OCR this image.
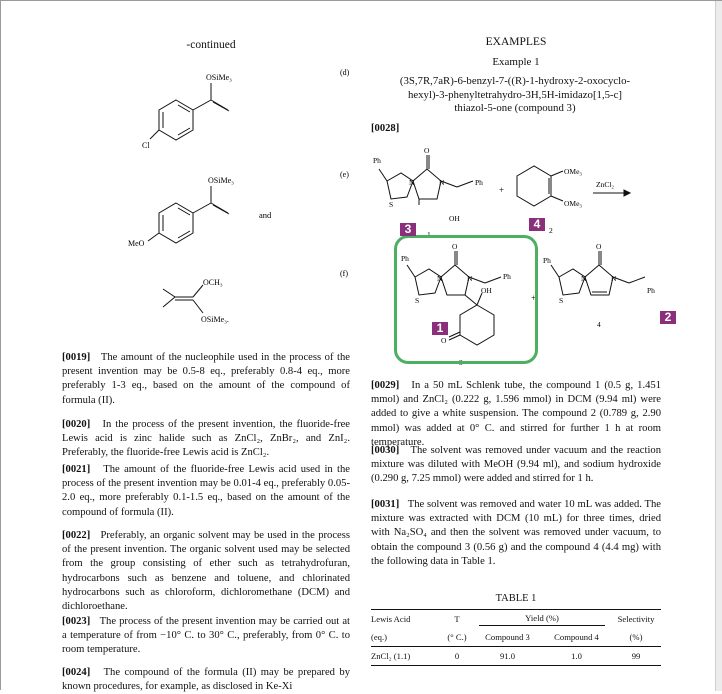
-continued
OSiMe₃
Cl
(d)
OSiMe₃
MeO
and
(e)
OCH₃
OSiMe₃.
(f)
[0019] The amount of the nucleophile used in the process of the present invention may be 0.5-8 eq., preferably 0.8-4 eq., more preferably 1-3 eq., based on the amount of the compound of formula (II).
[0020] In the process of the present invention, the fluoride-free Lewis acid is zinc halide such as ZnCl₂, ZnBr₂, and ZnI₂. Preferably, the fluoride-free Lewis acid is ZnCl₂.
[0021] The amount of the fluoride-free Lewis acid used in the process of the present invention may be 0.01-4 eq., preferably 0.05-2.0 eq., more preferably 0.1-1.5 eq., based on the amount of the compound of formula (II).
[0022] Preferably, an organic solvent may be used in the process of the present invention. The organic solvent used may be selected from the group consisting of ether such as tetrahydrofuran, hydrocarbons such as benzene and toluene, and chlorinated hydrocarbons such as chloroform, dichloromethane (DCM) and dichloroethane.
[0023] The process of the present invention may be carried out at a temperature of from −10° C. to 30° C., preferably, from 0° C. to room temperature.
[0024] The compound of the formula (II) may be prepared by known procedures, for example, as disclosed in Ke-Xi
EXAMPLES
Example 1
(3S,7R,7aR)-6-benzyl-7-((R)-1-hydroxy-2-oxocyclo-
hexyl)-3-phenyltetrahydro-3H,5H-imidazo[1,5-c]
thiazol-5-one (compound 3)
[0028]
Ph
S
N	N
O
OH
Ph
1
+
OMe₃
OMe₃
2
ZnCl₂
Ph
S
N	N
O
OH
O
Ph
3
+
Ph
S
N	N
O
Ph
4
3	4
1
2
[0029] In a 50 mL Schlenk tube, the compound 1 (0.5 g, 1.451 mmol) and ZnCl₂ (0.222 g, 1.596 mmol) in DCM (9.94 ml) were added to give a white suspension. The compound 2 (0.789 g, 2.90 mmol) was added at 0° C. and stirred for further 1 h at room temperature.
[0030] The solvent was removed under vacuum and the reaction mixture was diluted with MeOH (9.94 ml), and sodium hydroxide (0.290 g, 7.25 mmol) were added and stirred for 1 h.
[0031] The solvent was removed and water 10 mL was added. The mixture was extracted with DCM (10 mL) for three times, dried with Na₂SO₄ and then the solvent was removed under vacuum, to obtain the compound 3 (0.56 g) and the compound 4 (4.4 mg) with the following data in Table 1.
TABLE 1
Lewis Acid	T	Yield (%)		Selectivity
(eq.)	(° C.)	Compound 3	Compound 4	(%)
ZnCl₂ (1.1)	0	91.0	1.0	99
